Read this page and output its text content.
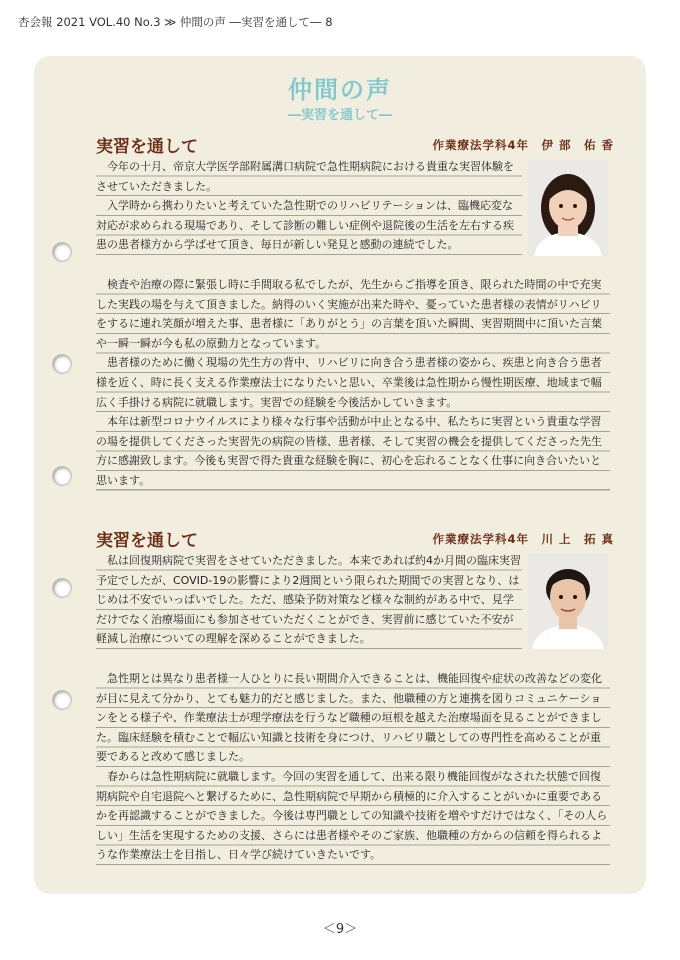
杏会報 2021 VOL.40 No.3 ≫ 仲間の声 ―実習を通して― 8
仲間の声
―実習を通して―
実習を通して	作業療法学科4年　伊 部　佑 香

今年の十月、帝京大学医学部附属溝口病院で急性期病院における貴重な実習体験をさせていただきました。

入学時から携わりたいと考えていた急性期でのリハビリテーションは、臨機応変な対応が求められる現場であり、そして診断の難しい症例や退院後の生活を左右する疾患の患者様方から学ばせて頂き、毎日が新しい発見と感動の連続でした。

検査や治療の際に緊張し時に手間取る私でしたが、先生からご指導を頂き、限られた時間の中で充実した実践の場を与えて頂きました。納得のいく実施が出来た時や、憂っていた患者様の表情がリハビリをするに連れ笑顔が増えた事、患者様に「ありがとう」の言葉を頂いた瞬間、実習期間中に頂いた言葉や一瞬一瞬が今も私の原動力となっています。

患者様のために働く現場の先生方の背中、リハビリに向き合う患者様の姿から、疾患と向き合う患者様を近く、時に長く支える作業療法士になりたいと思い、卒業後は急性期から慢性期医療、地域まで幅広く手掛ける病院に就職します。実習での経験を今後活かしていきます。

本年は新型コロナウイルスにより様々な行事や活動が中止となる中、私たちに実習という貴重な学習の場を提供してくださった実習先の病院の皆様、患者様、そして実習の機会を提供してくださった先生方に感謝致します。今後も実習で得た貴重な経験を胸に、初心を忘れることなく仕事に向き合いたいと思います。

実習を通して	作業療法学科4年　川 上　拓 真

私は回復期病院で実習をさせていただきました。本来であれば約4か月間の臨床実習予定でしたが、COVID-19の影響により2週間という限られた期間での実習となり、はじめは不安でいっぱいでした。ただ、感染予防対策など様々な制約がある中で、見学だけでなく治療場面にも参加させていただくことができ、実習前に感じていた不安が軽減し治療についての理解を深めることができました。

急性期とは異なり患者様一人ひとりに長い期間介入できることは、機能回復や症状の改善などの変化が目に見えて分かり、とても魅力的だと感じました。また、他職種の方と連携を図りコミュニケーションをとる様子や、作業療法士が理学療法を行うなど職種の垣根を越えた治療場面を見ることができました。臨床経験を積むことで幅広い知識と技術を身につけ、リハビリ職としての専門性を高めることが重要であると改めて感じました。

春からは急性期病院に就職します。今回の実習を通して、出来る限り機能回復がなされた状態で回復期病院や自宅退院へと繋げるために、急性期病院で早期から積極的に介入することがいかに重要であるかを再認識することができました。今後は専門職としての知識や技術を増やすだけではなく、「その人らしい」生活を実現するための支援、さらには患者様やそのご家族、他職種の方からの信頼を得られるような作業療法士を目指し、日々学び続けていきたいです。

＜9＞
